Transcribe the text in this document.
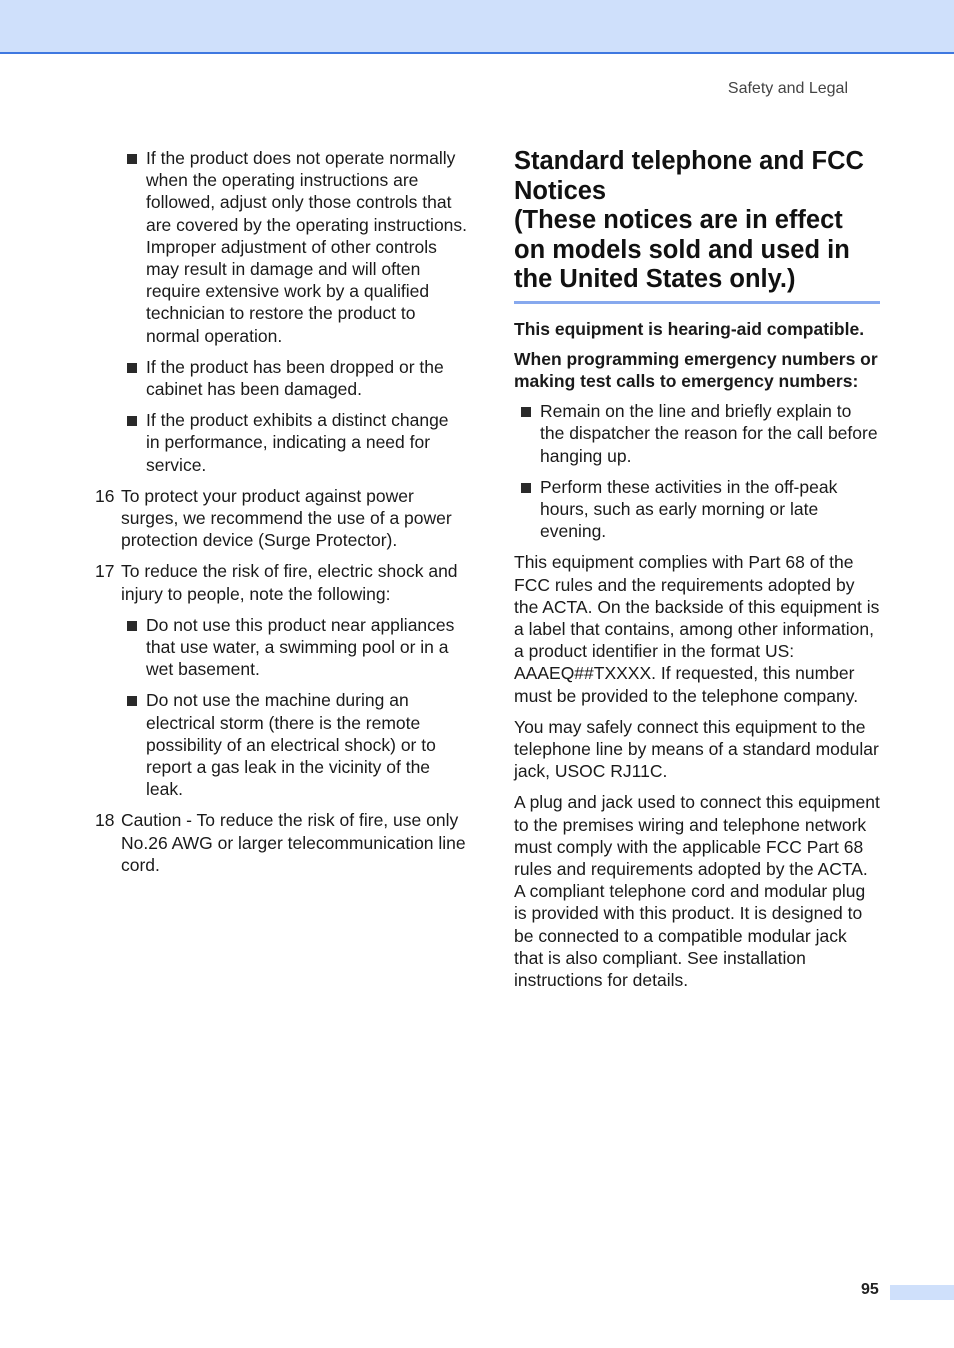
Safety and Legal
If the product does not operate normally when the operating instructions are followed, adjust only those controls that are covered by the operating instructions. Improper adjustment of other controls may result in damage and will often require extensive work by a qualified technician to restore the product to normal operation.
If the product has been dropped or the cabinet has been damaged.
If the product exhibits a distinct change in performance, indicating a need for service.
16 To protect your product against power surges, we recommend the use of a power protection device (Surge Protector).
17 To reduce the risk of fire, electric shock and injury to people, note the following:
Do not use this product near appliances that use water, a swimming pool or in a wet basement.
Do not use the machine during an electrical storm (there is the remote possibility of an electrical shock) or to report a gas leak in the vicinity of the leak.
18 Caution - To reduce the risk of fire, use only No.26 AWG or larger telecommunication line cord.
Standard telephone and FCC Notices
(These notices are in effect on models sold and used in the United States only.)

This equipment is hearing-aid compatible.

When programming emergency numbers or making test calls to emergency numbers:

Remain on the line and briefly explain to the dispatcher the reason for the call before hanging up.
Perform these activities in the off-peak hours, such as early morning or late evening.

This equipment complies with Part 68 of the FCC rules and the requirements adopted by the ACTA. On the backside of this equipment is a label that contains, among other information, a product identifier in the format US: AAAEQ##TXXXX. If requested, this number must be provided to the telephone company.

You may safely connect this equipment to the telephone line by means of a standard modular jack, USOC RJ11C.

A plug and jack used to connect this equipment to the premises wiring and telephone network must comply with the applicable FCC Part 68 rules and requirements adopted by the ACTA. A compliant telephone cord and modular plug is provided with this product. It is designed to be connected to a compatible modular jack that is also compliant. See installation instructions for details.

95
